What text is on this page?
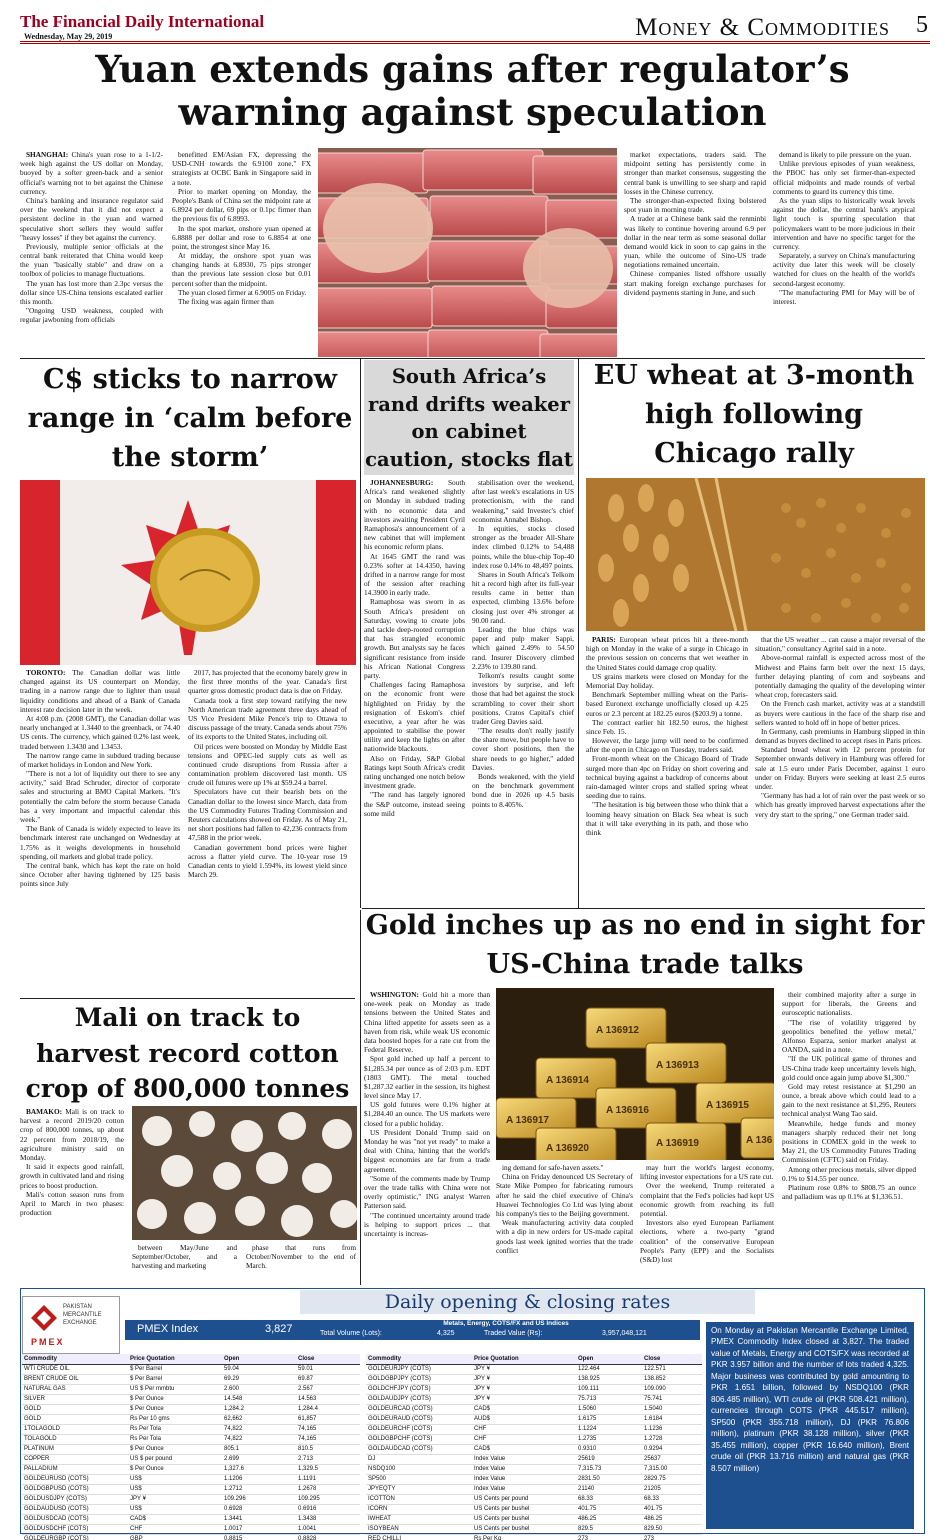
The Financial Daily International
Wednesday, May 29, 2019	Money & Commodities 5
Yuan extends gains after regulator’s warning against speculation

SHANGHAI: China's yuan rose to a 1-1/2-week high against the US dollar on Monday, buoyed by a softer green-back and a senior official's warning not to bet against the Chinese currency.

China's banking and insurance regulator said over the weekend that it did not expect a persistent decline in the yuan and warned speculative short sellers they would suffer "heavy losses" if they bet against the currency.

Previously, multiple senior officials at the central bank reiterated that China would keep the yuan "basically stable" and draw on a toolbox of policies to manage fluctuations.

The yuan has lost more than 2.3pc versus the dollar since US-China tensions escalated earlier this month.

"Ongoing USD weakness, coupled with regular jawboning from officials

benefitted EM/Asian FX, depressing the USD-CNH towards the 6.9100 zone," FX strategists at OCBC Bank in Singapore said in a note.

Prior to market opening on Monday, the People's Bank of China set the midpoint rate at 6.8924 per dollar, 69 pips or 0.1pc firmer than the previous fix of 6.8993.

In the spot market, onshore yuan opened at 6.8888 per dollar and rose to 6.8854 at one point, the strongest since May 16.

At midday, the onshore spot yuan was changing hands at 6.8930, 75 pips stronger than the previous late session close but 0.01 percent softer than the midpoint.

The yuan closed firmer at 6.9005 on Friday.

The fixing was again firmer than

market expectations, traders said. The midpoint setting has persistently come in stronger than market consensus, suggesting the central bank is unwilling to see sharp and rapid losses in the Chinese currency.

The stronger-than-expected fixing bolstered spot yuan in morning trade.

A trader at a Chinese bank said the renminbi was likely to continue hovering around 6.9 per dollar in the near term as some seasonal dollar demand would kick in soon to cap gains in the yuan, while the outcome of Sino-US trade negotiations remained uncertain.

Chinese companies listed offshore usually start making foreign exchange purchases for dividend payments starting in June, and such

demand is likely to pile pressure on the yuan.

Unlike previous episodes of yuan weakness, the PBOC has only set firmer-than-expected official midpoints and made rounds of verbal comments to guard its currency this time.

As the yuan slips to historically weak levels against the dollar, the central bank's atypical light touch is spurring speculation that policymakers want to be more judicious in their intervention and have no specific target for the currency.

Separately, a survey on China's manufacturing activity due later this week will be closely watched for clues on the health of the world's second-largest economy.

"The manufacturing PMI for May will be of interest.

C$ sticks to narrow range in ‘calm before the storm’

TORONTO: The Canadian dollar was little changed against its US counterpart on Monday, trading in a narrow range due to lighter than usual liquidity conditions and ahead of a Bank of Canada interest rate decision later in the week.

At 4:08 p.m. (2008 GMT), the Canadian dollar was nearly unchanged at 1.3440 to the greenback, or 74.40 US cents. The currency, which gained 0.2% last week, traded between 1.3430 and 1.3453.

The narrow range came in subdued trading because of market holidays in London and New York.

"There is not a lot of liquidity out there to see any activity," said Brad Schruder, director of corporate sales and structuring at BMO Capital Markets. "It's potentially the calm before the storm because Canada has a very important and impactful calendar this week."

The Bank of Canada is widely expected to leave its benchmark interest rate unchanged on Wednesday at 1.75% as it weighs developments in household spending, oil markets and global trade policy.

The central bank, which has kept the rate on hold since October after having tightened by 125 basis points since July

2017, has projected that the economy barely grew in the first three months of the year. Canada's first quarter gross domestic product data is due on Friday.

Canada took a first step toward ratifying the new North American trade agreement three days ahead of US Vice President Mike Pence's trip to Ottawa to discuss passage of the treaty. Canada sends about 75% of its exports to the United States, including oil.

Oil prices were boosted on Monday by Middle East tensions and OPEC-led supply cuts as well as continued crude disruptions from Russia after a contamination problem discovered last month. US crude oil futures were up 1% at $59.24 a barrel.

Speculators have cut their bearish bets on the Canadian dollar to the lowest since March, data from the US Commodity Futures Trading Commission and Reuters calculations showed on Friday. As of May 21, net short positions had fallen to 42,236 contracts from 47,588 in the prior week.

Canadian government bond prices were higher across a flatter yield curve. The 10-year rose 19 Canadian cents to yield 1.594%, its lowest yield since March 29.

South Africa’s rand drifts weaker on cabinet caution, stocks flat

JOHANNESBURG: South Africa's rand weakened slightly on Monday in subdued trading with no economic data and investors awaiting President Cyril Ramaphosa's announcement of a new cabinet that will implement his economic reform plans.

At 1645 GMT the rand was 0.23% softer at 14.4350, having drifted in a narrow range for most of the session after reaching 14.3900 in early trade.

Ramaphosa was sworn in as South Africa's president on Saturday, vowing to create jobs and tackle deep-rooted corruption that has strangled economic growth. But analysts say he faces significant resistance from inside his African National Congress party.

Challenges facing Ramaphosa on the economic front were highlighted on Friday by the resignation of Eskom's chief executive, a year after he was appointed to stabilise the power utility and keep the lights on after nationwide blackouts.

Also on Friday, S&P Global Ratings kept South Africa's credit rating unchanged one notch below investment grade.

"The rand has largely ignored the S&P outcome, instead seeing some mild

stabilisation over the weekend, after last week's escalations in US protectionism, with the rand weakening," said Investec's chief economist Annabel Bishop.

In equities, stocks closed stronger as the broader All-Share index climbed 0.12% to 54,488 points, while the blue-chip Top-40 index rose 0.14% to 48,497 points.

Shares in South Africa's Telkom hit a record high after its full-year results came in better than expected, climbing 13.6% before closing just over 4% stronger at 90.00 rand.

Leading the blue chips was paper and pulp maker Sappi, which gained 2.49% to 54.50 rand. Insurer Discovery climbed 2.23% to 139.80 rand.

Telkom's results caught some investors by surprise, and left those that had bet against the stock scrambling to cover their short positions, Cratos Capital's chief trader Greg Davies said.

"The results don't really justify the share move, but people have to cover short positions, then the share needs to go higher," added Davies.

Bonds weakened, with the yield on the benchmark government bond due in 2026 up 4.5 basis points to 8.405%.

EU wheat at 3-month high following Chicago rally

PARIS: European wheat prices hit a three-month high on Monday in the wake of a surge in Chicago in the previous session on concerns that wet weather in the United States could damage crop quality.

US grains markets were closed on Monday for the Memorial Day holiday.

Benchmark September milling wheat on the Paris-based Euronext exchange unofficially closed up 4.25 euros or 2.3 percent at 182.25 euros ($203.9) a tonne.

The contract earlier hit 182.50 euros, the highest since Feb. 15.

However, the large jump will need to be confirmed after the open in Chicago on Tuesday, traders said.

Front-month wheat on the Chicago Board of Trade surged more than 4pc on Friday on short covering and technical buying against a backdrop of concerns about rain-damaged winter crops and stalled spring wheat seeding due to rains.

"The hesitation is big between those who think that a looming heavy situation on Black Sea wheat is such that it will take everything in its path, and those who think

that the US weather ... can cause a major reversal of the situation," consultancy Agritel said in a note.

Above-normal rainfall is expected across most of the Midwest and Plains farm belt over the next 15 days, further delaying planting of corn and soybeans and potentially damaging the quality of the developing winter wheat crop, forecasters said.

On the French cash market, activity was at a standstill as buyers were cautious in the face of the sharp rise and sellers wanted to hold off in hope of better prices.

In Germany, cash premiums in Hamburg slipped in thin demand as buyers declined to accept rises in Paris prices.

Standard bread wheat with 12 percent protein for September onwards delivery in Hamburg was offered for sale at 1.5 euro under Paris December, against 1 euro under on Friday. Buyers were seeking at least 2.5 euros under.

"Germany has had a lot of rain over the past week or so which has greatly improved harvest expectations after the very dry start to the spring," one German trader said.

Mali on track to harvest record cotton crop of 800,000 tonnes

BAMAKO: Mali is on track to harvest a record 2019/20 cotton crop of 800,000 tonnes, up about 22 percent from 2018/19, the agriculture ministry said on Monday.

It said it expects good rainfall, growth in cultivated land and rising prices to boost production.

Mali's cotton season runs from April to March in two phases: production

between May/June and September/October, and a harvesting and marketing

phase that runs from October/November to the end of March.

Gold inches up as no end in sight for US-China trade talks

WSHINGTON: Gold hit a more than one-week peak on Monday as trade tensions between the United States and China lifted appetite for assets seen as a haven from risk, while weak US economic data boosted hopes for a rate cut from the Federal Reserve.

Spot gold inched up half a percent to $1,285.34 per ounce as of 2:03 p.m. EDT (1803 GMT). The metal touched $1,287.32 earlier in the session, its highest level since May 17.

US gold futures were 0.1% higher at $1,284.40 an ounce. The US markets were closed for a public holiday.

US President Donald Trump said on Monday he was "not yet ready" to make a deal with China, hinting that the world's biggest economies are far from a trade agreement.

"Some of the comments made by Trump over the trade talks with China were not overly optimistic," ING analyst Warren Patterson said.

"The continued uncertainty around trade is helping to support prices ... that uncertainty is increas-

A 136912
A 136913
A 136914
A 136915
A 136916
A 136917
A 136919
A 136920
A 136

ing demand for safe-haven assets."

China on Friday denounced US Secretary of State Mike Pompeo for fabricating rumours after he said the chief executive of China's Huawei Technologies Co Ltd was lying about his company's ties to the Beijing government.

Weak manufacturing activity data coupled with a dip in new orders for US-made capital goods last week ignited worries that the trade conflict

may hurt the world's largest economy, lifting investor expectations for a US rate cut.

Over the weekend, Trump reiterated a complaint that the Fed's policies had kept US economic growth from reaching its full potential.

Investors also eyed European Parliament elections, where a two-party "grand coalition" of the conservative European People's Party (EPP) and the Socialists (S&D) lost

their combined majority after a surge in support for liberals, the Greens and eurosceptic nationalists.

"The rise of volatility triggered by geopolitics benefited the yellow metal," Alfonso Esparza, senior market analyst at OANDA, said in a note.

"If the UK political game of thrones and US-China trade keep uncertainty levels high, gold could once again jump above $1,300."

Gold may retest resistance at $1,290 an ounce, a break above which could lead to a gain to the next resistance at $1,295, Reuters technical analyst Wang Tao said.

Meanwhile, hedge funds and money managers sharply reduced their net long positions in COMEX gold in the week to May 21, the US Commodity Futures Trading Commission (CFTC) said on Friday.

Among other precious metals, silver dipped 0.1% to $14.55 per ounce.

Platinum rose 0.8% to $808.75 an ounce and palladium was up 0.1% at $1,336.51.

Daily opening & closing rates
PAKISTAN
MERCANTILE
EXCHANGE
PMEX
PMEX Index	3,827	Metals, Energy, COTS/FX and US Indices
Total Volume (Lots):	4,325	Traded Value (Rs):	3,957,048,121
Commodity	Price Quotation	Open	Close
WTI CRUDE OIL	$ Per Barrel	59.04	59.01
BRENT CRUDE OIL	$ Per Barrel	69.29	69.87
NATURAL GAS	US $ Per mmbtu	2.600	2.567
SILVER	$ Per Ounce	14.548	14.563
GOLD	$ Per Ounce	1,284.2	1,284.4
GOLD	Rs Per 10 gms	62,662	61,857
1TOLAGOLD	Rs Per Tola	74,822	74,165
TOLAGOLD	Rs Per Tola	74,822	74,165
PLATINUM	$ Per Ounce	805.1	810.5
COPPER	US $ per pound	2.699	2.713
PALLADIUM	$ Per Ounce	1,327.6	1,329.5
GOLDEURUSD (COTS)	US$	1.1206	1.1191
GOLDGBPUSD (COTS)	US$	1.2712	1.2678
GOLDUSDJPY (COTS)	JPY ¥	109.296	109.295
GOLDAUDUSD (COTS)	US$	0.6928	0.6916
GOLDUSDCAD (COTS)	CAD$	1.3441	1.3438
GOLDUSDCHF (COTS)	CHF	1.0017	1.0041
GOLDEURGBP (COTS)	GBP	0.8815	0.8828
Commodity	Price Quotation	Open	Close
GOLDEURJPY (COTS)	JPY ¥	122.464	122.571
GOLDGBPJPY (COTS)	JPY ¥	138.925	138.852
GOLDCHFJPY (COTS)	JPY ¥	109.111	109.090
GOLDAUDJPY (COTS)	JPY ¥	75.713	75.741
GOLDEURCAD (COTS)	CAD$	1.5060	1.5040
GOLDEURAUD (COTS)	AUD$	1.6175	1.6184
GOLDEURCHF (COTS)	CHF	1.1224	1.1236
GOLDGBPCHF (COTS)	CHF	1.2735	1.2728
GOLDAUDCAD (COTS)	CAD$	0.9310	0.9294
DJ	Index Value	25619	25637
NSDQ100	Index Value	7,315.73	7,315.00
SP500	Index Value	2831.50	2829.75
JPYEQTY	Index Value	21140	21205
ICOTTON	US Cents per pound	68.33	68.33
ICORN	US Cents per bushel	401.75	401.75
IWHEAT	US Cents per bushel	486.25	486.25
ISOYBEAN	US Cents per bushel	829.5	829.50
RED CHILLI	Rs Per Kg	273	273
On Monday at Pakistan Mercantile Exchange Limited, PMEX Commodity Index closed at 3,827. The traded value of Metals, Energy and COTS/FX was recorded at PKR 3.957 billion and the number of lots traded 4,325. Major business was contributed by gold amounting to PKR 1.651 billion, followed by NSDQ100 (PKR 806.485 million), WTI crude oil (PKR 508.421 million), currencies through COTS (PKR 445.517 million), SP500 (PKR 355.718 million), DJ (PKR 76.806 million), platinum (PKR 38.128 million), silver (PKR 35.455 million), copper (PKR 16.640 million), Brent crude oil (PKR 13.716 million) and natural gas (PKR 8.507 million)
